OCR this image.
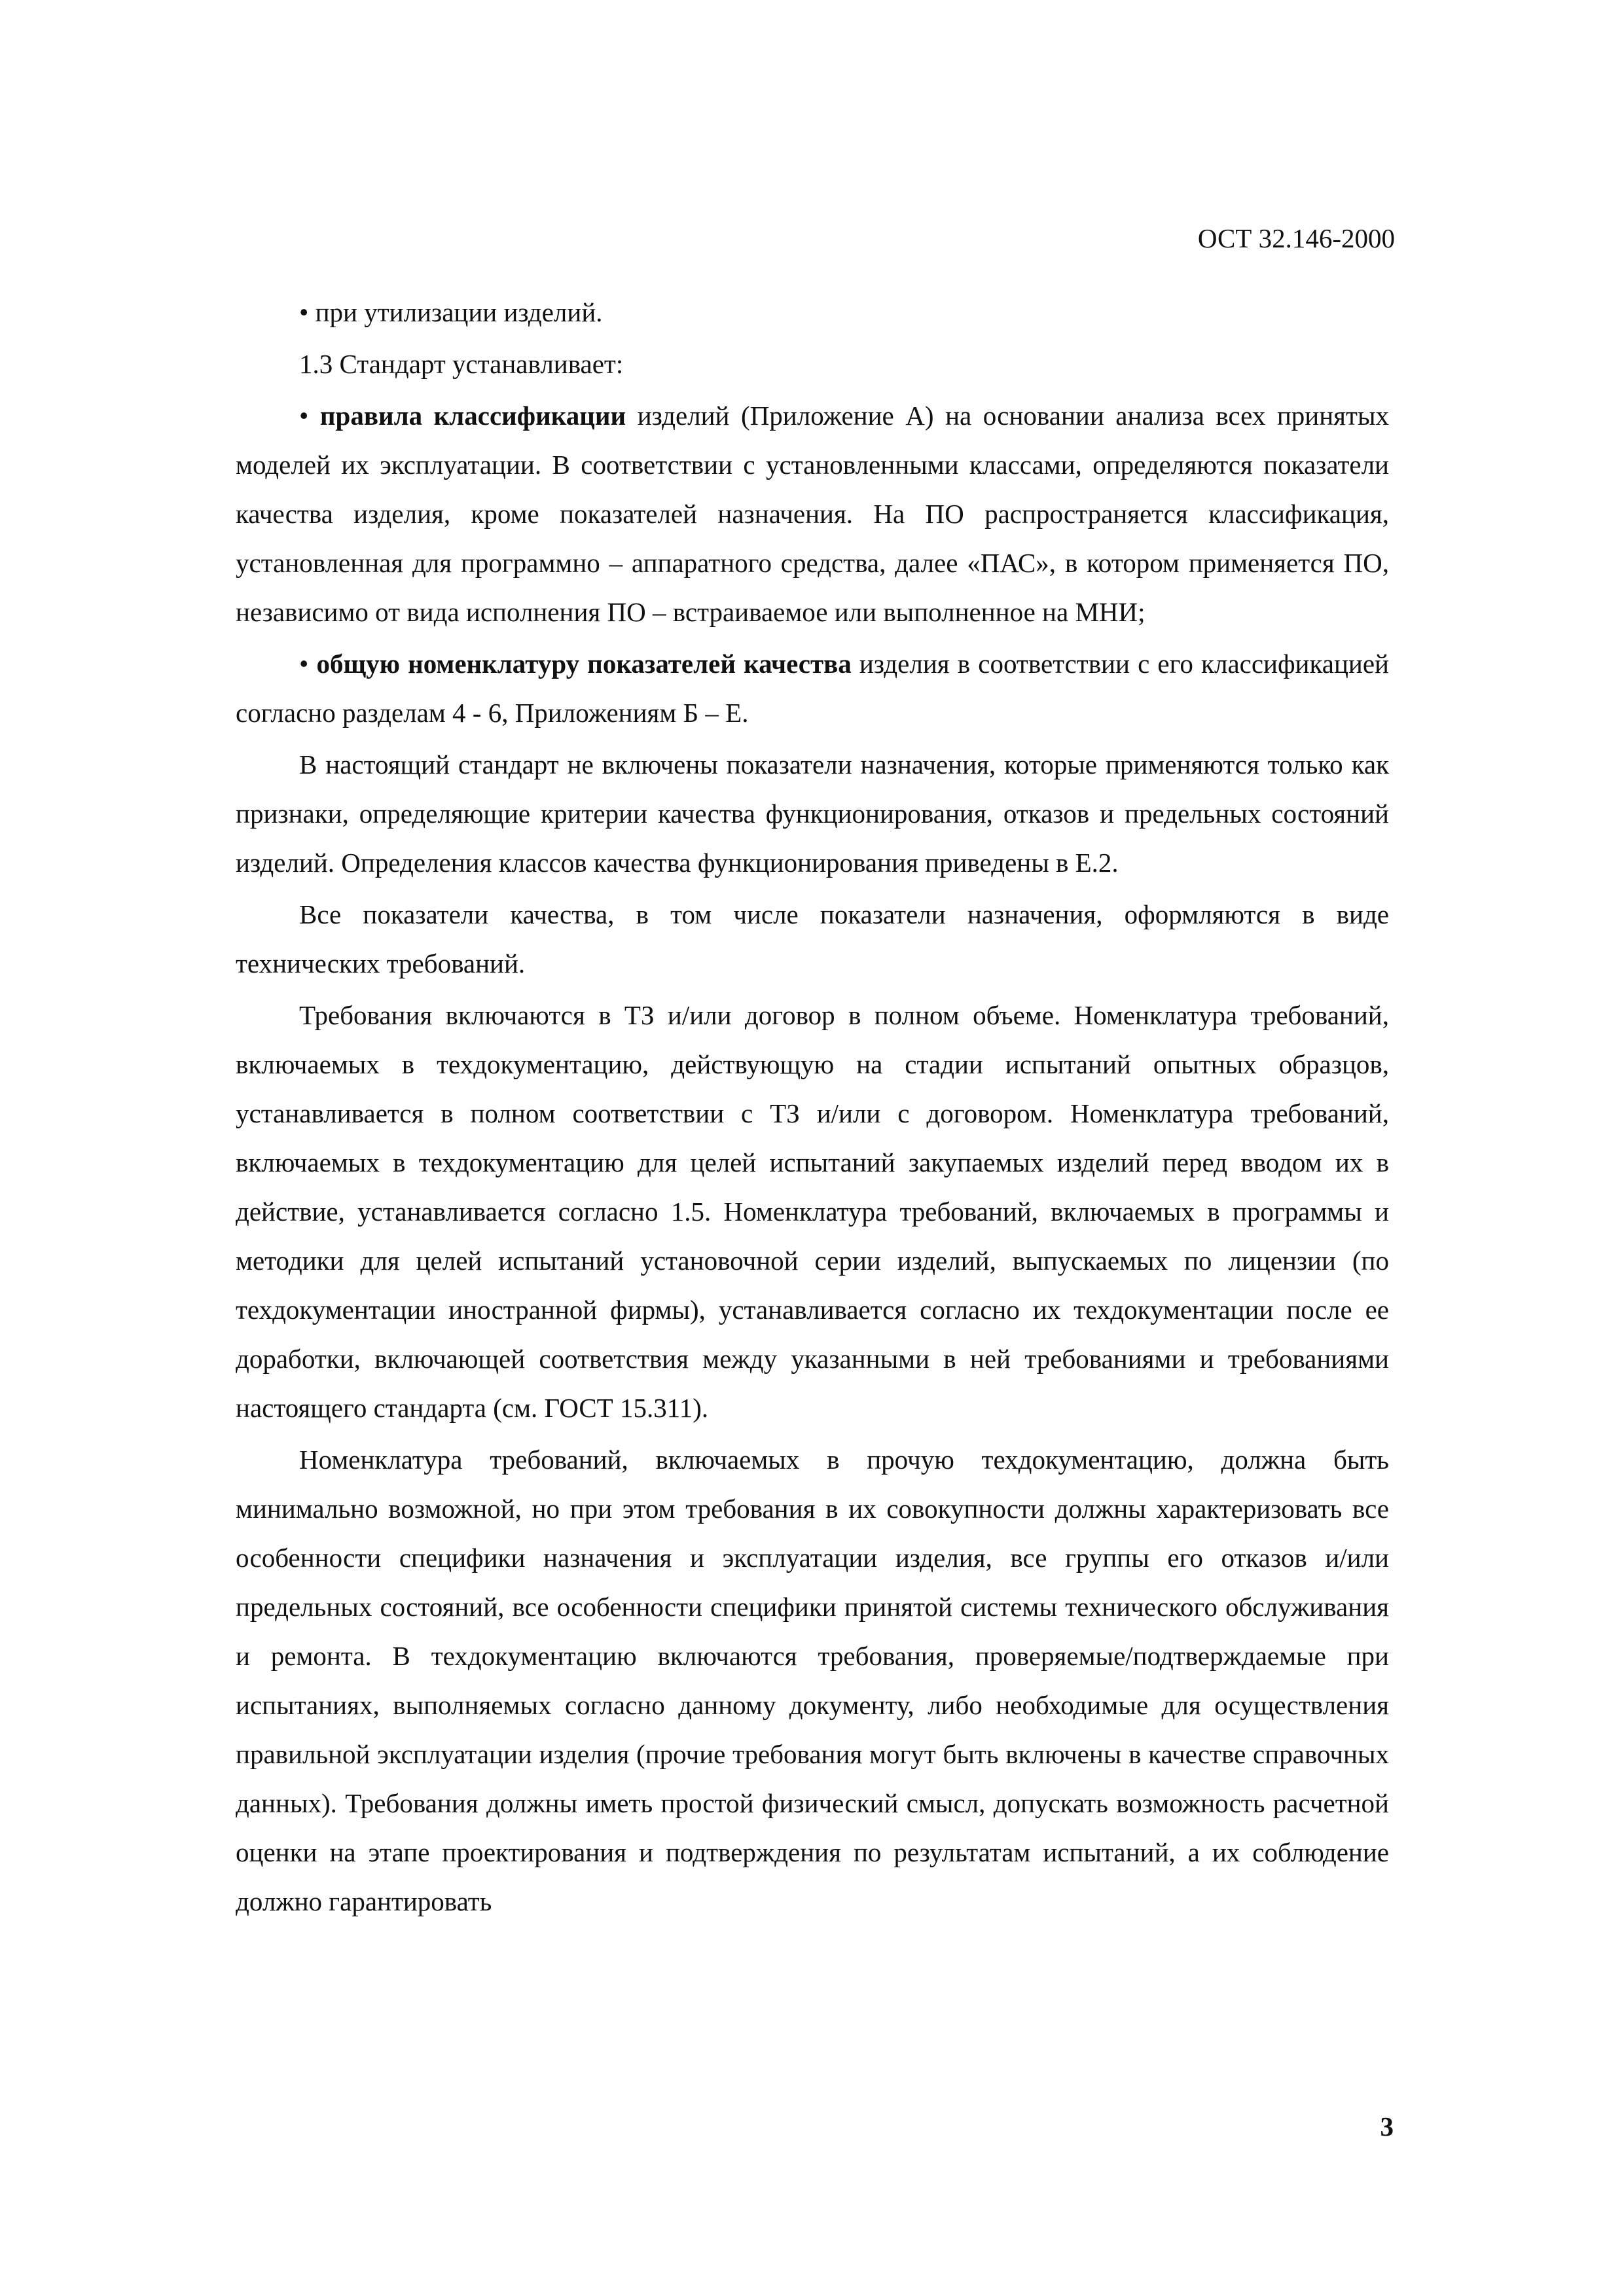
ОСТ 32.146-2000

• при утилизации изделий.

1.3 Стандарт устанавливает:

• правила классификации изделий (Приложение А) на основании анализа всех принятых моделей их эксплуатации. В соответствии с установленными классами, определяются показатели качества изделия, кроме показателей назначения. На ПО распространяется классификация, установленная для программно – аппаратного средства, далее «ПАС», в котором применяется ПО, независимо от вида исполнения ПО – встраиваемое или выполненное на МНИ;

• общую номенклатуру показателей качества изделия в соответствии с его классификацией согласно разделам 4 - 6, Приложениям Б – Е.

В настоящий стандарт не включены показатели назначения, которые применяются только как признаки, определяющие критерии качества функционирования, отказов и предельных состояний изделий. Определения классов качества функционирования приведены в Е.2.

Все показатели качества, в том числе показатели назначения, оформляются в виде технических требований.

Требования включаются в ТЗ и/или договор в полном объеме. Номенклатура требований, включаемых в техдокументацию, действующую на стадии испытаний опытных образцов, устанавливается в полном соответствии с ТЗ и/или с договором. Номенклатура требований, включаемых в техдокументацию для целей испытаний закупаемых изделий перед вводом их в действие, устанавливается согласно 1.5. Номенклатура требований, включаемых в программы и методики для целей испытаний установочной серии изделий, выпускаемых по лицензии (по техдокументации иностранной фирмы), устанавливается согласно их техдокументации после ее доработки, включающей соответствия между указанными в ней требованиями и требованиями настоящего стандарта (см. ГОСТ 15.311).

Номенклатура требований, включаемых в прочую техдокументацию, должна быть минимально возможной, но при этом требования в их совокупности должны характеризовать все особенности специфики назначения и эксплуатации изделия, все группы его отказов и/или предельных состояний, все особенности специфики принятой системы технического обслуживания и ремонта. В техдокументацию включаются требования, проверяемые/подтверждаемые при испытаниях, выполняемых согласно данному документу, либо необходимые для осуществления правильной эксплуатации изделия (прочие требования могут быть включены в качестве справочных данных). Требования должны иметь простой физический смысл, допускать возможность расчетной оценки на этапе проектирования и подтверждения по результатам испытаний, а их соблюдение должно гарантировать

3
